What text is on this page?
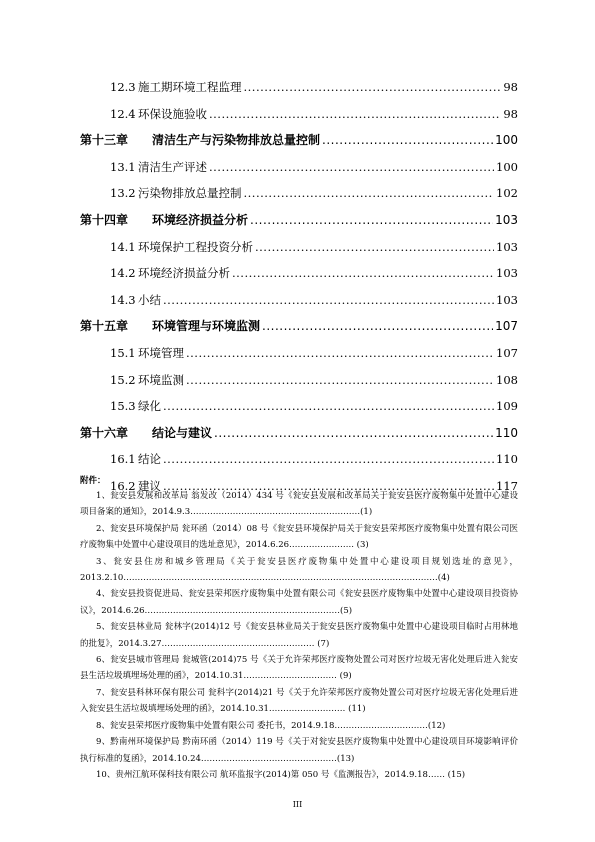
12.3 施工期环境工程监理 .....	98
12.4 环保设施验收 .....	98
第十三章	清洁生产与污染物排放总量控制 .....	100
13.1 清洁生产评述 .....	100
13.2 污染物排放总量控制 .....	102
第十四章	环境经济损益分析 .....	103
14.1 环境保护工程投资分析 .....	103
14.2 环境经济损益分析 .....	103
14.3 小结 .....	103
第十五章	环境管理与环境监测 .....	107
15.1 环境管理 .....	107
15.2 环境监测 .....	108
15.3 绿化 .....	109
第十六章	结论与建议 .....	110
16.1 结论 .....	110
16.2 建议 .....	117
附件：
1、瓮安县发展和改革局 翁发改（2014）434 号《瓮安县发展和改革局关于瓮安县医疗废物集中处置中心建设项目备案的通知》，2014.9.3……………………………………………………(1)
2、瓮安县环境保护局 瓮环函（2014）08 号《瓮安县环境保护局关于瓮安县荣邦医疗废物集中处置有限公司医疗废物集中处置中心建设项目的选址意见》，2014.6.26………………….. (3)
3、瓮安县住房和城乡管理局《关于瓮安县医疗废物集中处置中心建设项目规划选址的意见》，2013.2.10…………………………………………………………………………………………………(4)
4、瓮安县投资促进局、瓮安县荣邦医疗废物集中处置有限公司《瓮安县医疗废物集中处置中心建设项目投资协议》，2014.6.26……………………………………………………………(5)
5、瓮安县林业局 瓮林字(2014)12 号《瓮安县林业局关于瓮安县医疗废物集中处置中心建设项目临时占用林地的批复》，2014.3.27……………………………………………… (7)
6、瓮安县城市管理局 瓮城管(2014)75 号《关于允许荣邦医疗废物处置公司对医疗垃圾无害化处理后进入瓮安县生活垃圾填埋场处理的函》，2014.10.31…………………………… (9)
7、瓮安县科林环保有限公司 瓮科字(2014)21 号《关于允许荣邦医疗废物处置公司对医疗垃圾无害化处理后进入瓮安县生活垃圾填埋场处理的函》，2014.10.31……………………… (11)
8、瓮安县荣邦医疗废物集中处置有限公司 委托书，2014.9.18……………………………(12)
9、黔南州环境保护局 黔南环函（2014）119 号《关于对瓮安县医疗废物集中处置中心建设项目环境影响评价执行标准的复函》，2014.10.24…………………………………………(13)
10、贵州江航环保科技有限公司 航环监报字(2014)第 050 号《监测报告》，2014.9.18…… (15)
III
